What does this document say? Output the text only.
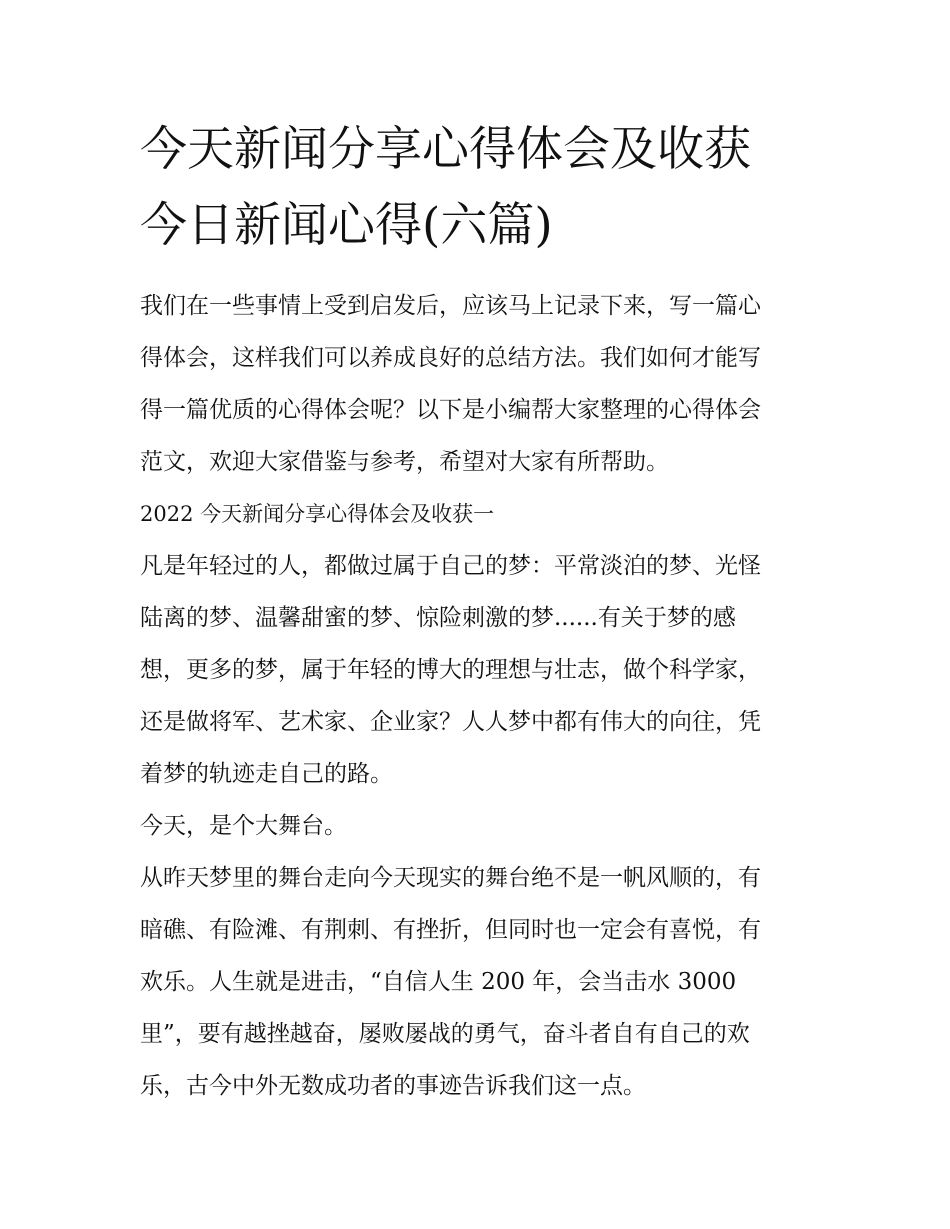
今天新闻分享心得体会及收获
今日新闻心得(六篇)

我们在一些事情上受到启发后，应该马上记录下来，写一篇心
得体会，这样我们可以养成良好的总结方法。我们如何才能写
得一篇优质的心得体会呢？以下是小编帮大家整理的心得体会
范文，欢迎大家借鉴与参考，希望对大家有所帮助。

2022 今天新闻分享心得体会及收获一

凡是年轻过的人，都做过属于自己的梦：平常淡泊的梦、光怪
陆离的梦、温馨甜蜜的梦、惊险刺激的梦......有关于梦的感
想，更多的梦，属于年轻的博大的理想与壮志，做个科学家，
还是做将军、艺术家、企业家？人人梦中都有伟大的向往，凭
着梦的轨迹走自己的路。

今天，是个大舞台。

从昨天梦里的舞台走向今天现实的舞台绝不是一帆风顺的，有
暗礁、有险滩、有荆刺、有挫折，但同时也一定会有喜悦，有
欢乐。人生就是进击，“自信人生 200 年，会当击水 3000
里”，要有越挫越奋，屡败屡战的勇气，奋斗者自有自己的欢
乐，古今中外无数成功者的事迹告诉我们这一点。
